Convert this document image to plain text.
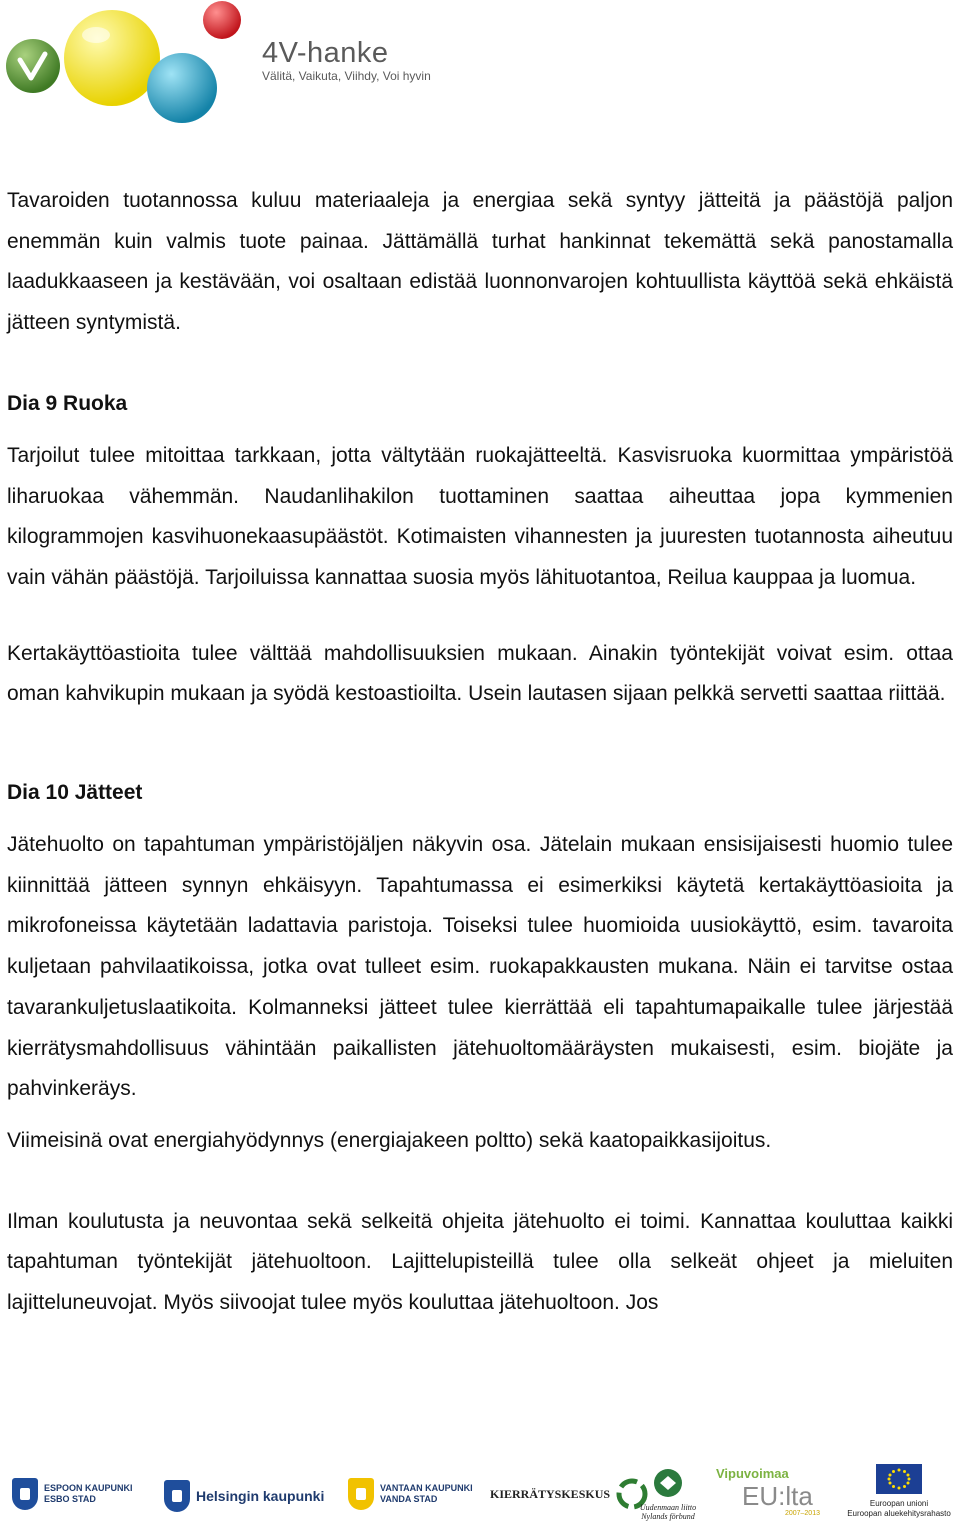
4V-hanke
Välitä, Vaikuta, Viihdy, Voi hyvin

Tavaroiden tuotannossa kuluu materiaaleja ja energiaa sekä syntyy jätteitä ja päästöjä paljon enemmän kuin valmis tuote painaa. Jättämällä turhat hankinnat tekemättä sekä panostamalla laadukkaaseen ja kestävään, voi osaltaan edistää luonnonvarojen kohtuullista käyttöä sekä ehkäistä jätteen syntymistä.

Dia 9 Ruoka

Tarjoilut tulee mitoittaa tarkkaan, jotta vältytään ruokajätteeltä. Kasvisruoka kuormittaa ympäristöä liharuokaa vähemmän. Naudanlihakilon tuottaminen saattaa aiheuttaa jopa kymmenien kilogrammojen kasvihuonekaasupäästöt. Kotimaisten vihannesten ja juuresten tuotannosta aiheutuu vain vähän päästöjä. Tarjoiluissa kannattaa suosia myös lähituotantoa, Reilua kauppaa ja luomua.

Kertakäyttöastioita tulee välttää mahdollisuuksien mukaan. Ainakin työntekijät voivat esim. ottaa oman kahvikupin mukaan ja syödä kestoastioilta. Usein lautasen sijaan pelkkä servetti saattaa riittää.

Dia 10 Jätteet

Jätehuolto on tapahtuman ympäristöjäljen näkyvin osa. Jätelain mukaan ensisijaisesti huomio tulee kiinnittää jätteen synnyn ehkäisyyn. Tapahtumassa ei esimerkiksi käytetä kertakäyttöasioita ja mikrofoneissa käytetään ladattavia paristoja. Toiseksi tulee huomioida uusiokäyttö, esim. tavaroita kuljetaan pahvilaatikoissa, jotka ovat tulleet esim. ruokapakkausten mukana. Näin ei tarvitse ostaa tavarankuljetuslaatikoita. Kolmanneksi jätteet tulee kierrättää eli tapahtumapaikalle tulee järjestää kierrätysmahdollisuus vähintään paikallisten jätehuoltomääräysten mukaisesti, esim. biojäte ja pahvinkeräys.

Viimeisinä ovat energiahyödynnys (energiajakeen poltto) sekä kaatopaikkasijoitus.

Ilman koulutusta ja neuvontaa sekä selkeitä ohjeita jätehuolto ei toimi. Kannattaa kouluttaa kaikki tapahtuman työntekijät jätehuoltoon. Lajittelupisteillä tulee olla selkeät ohjeet ja mieluiten lajitteluneuvojat. Myös siivoojat tulee myös kouluttaa jätehuoltoon. Jos

ESPOON KAUPUNKI
ESBO STAD	Helsingin kaupunki	VANTAAN KAUPUNKI
VANDA STAD	KIERRÄTYSKESKUS
Uudenmaan liitto
Nylands förbund
Vipuvoimaa
EU:lta
2007–2013
Euroopan unioni
Euroopan aluekehitysrahasto
